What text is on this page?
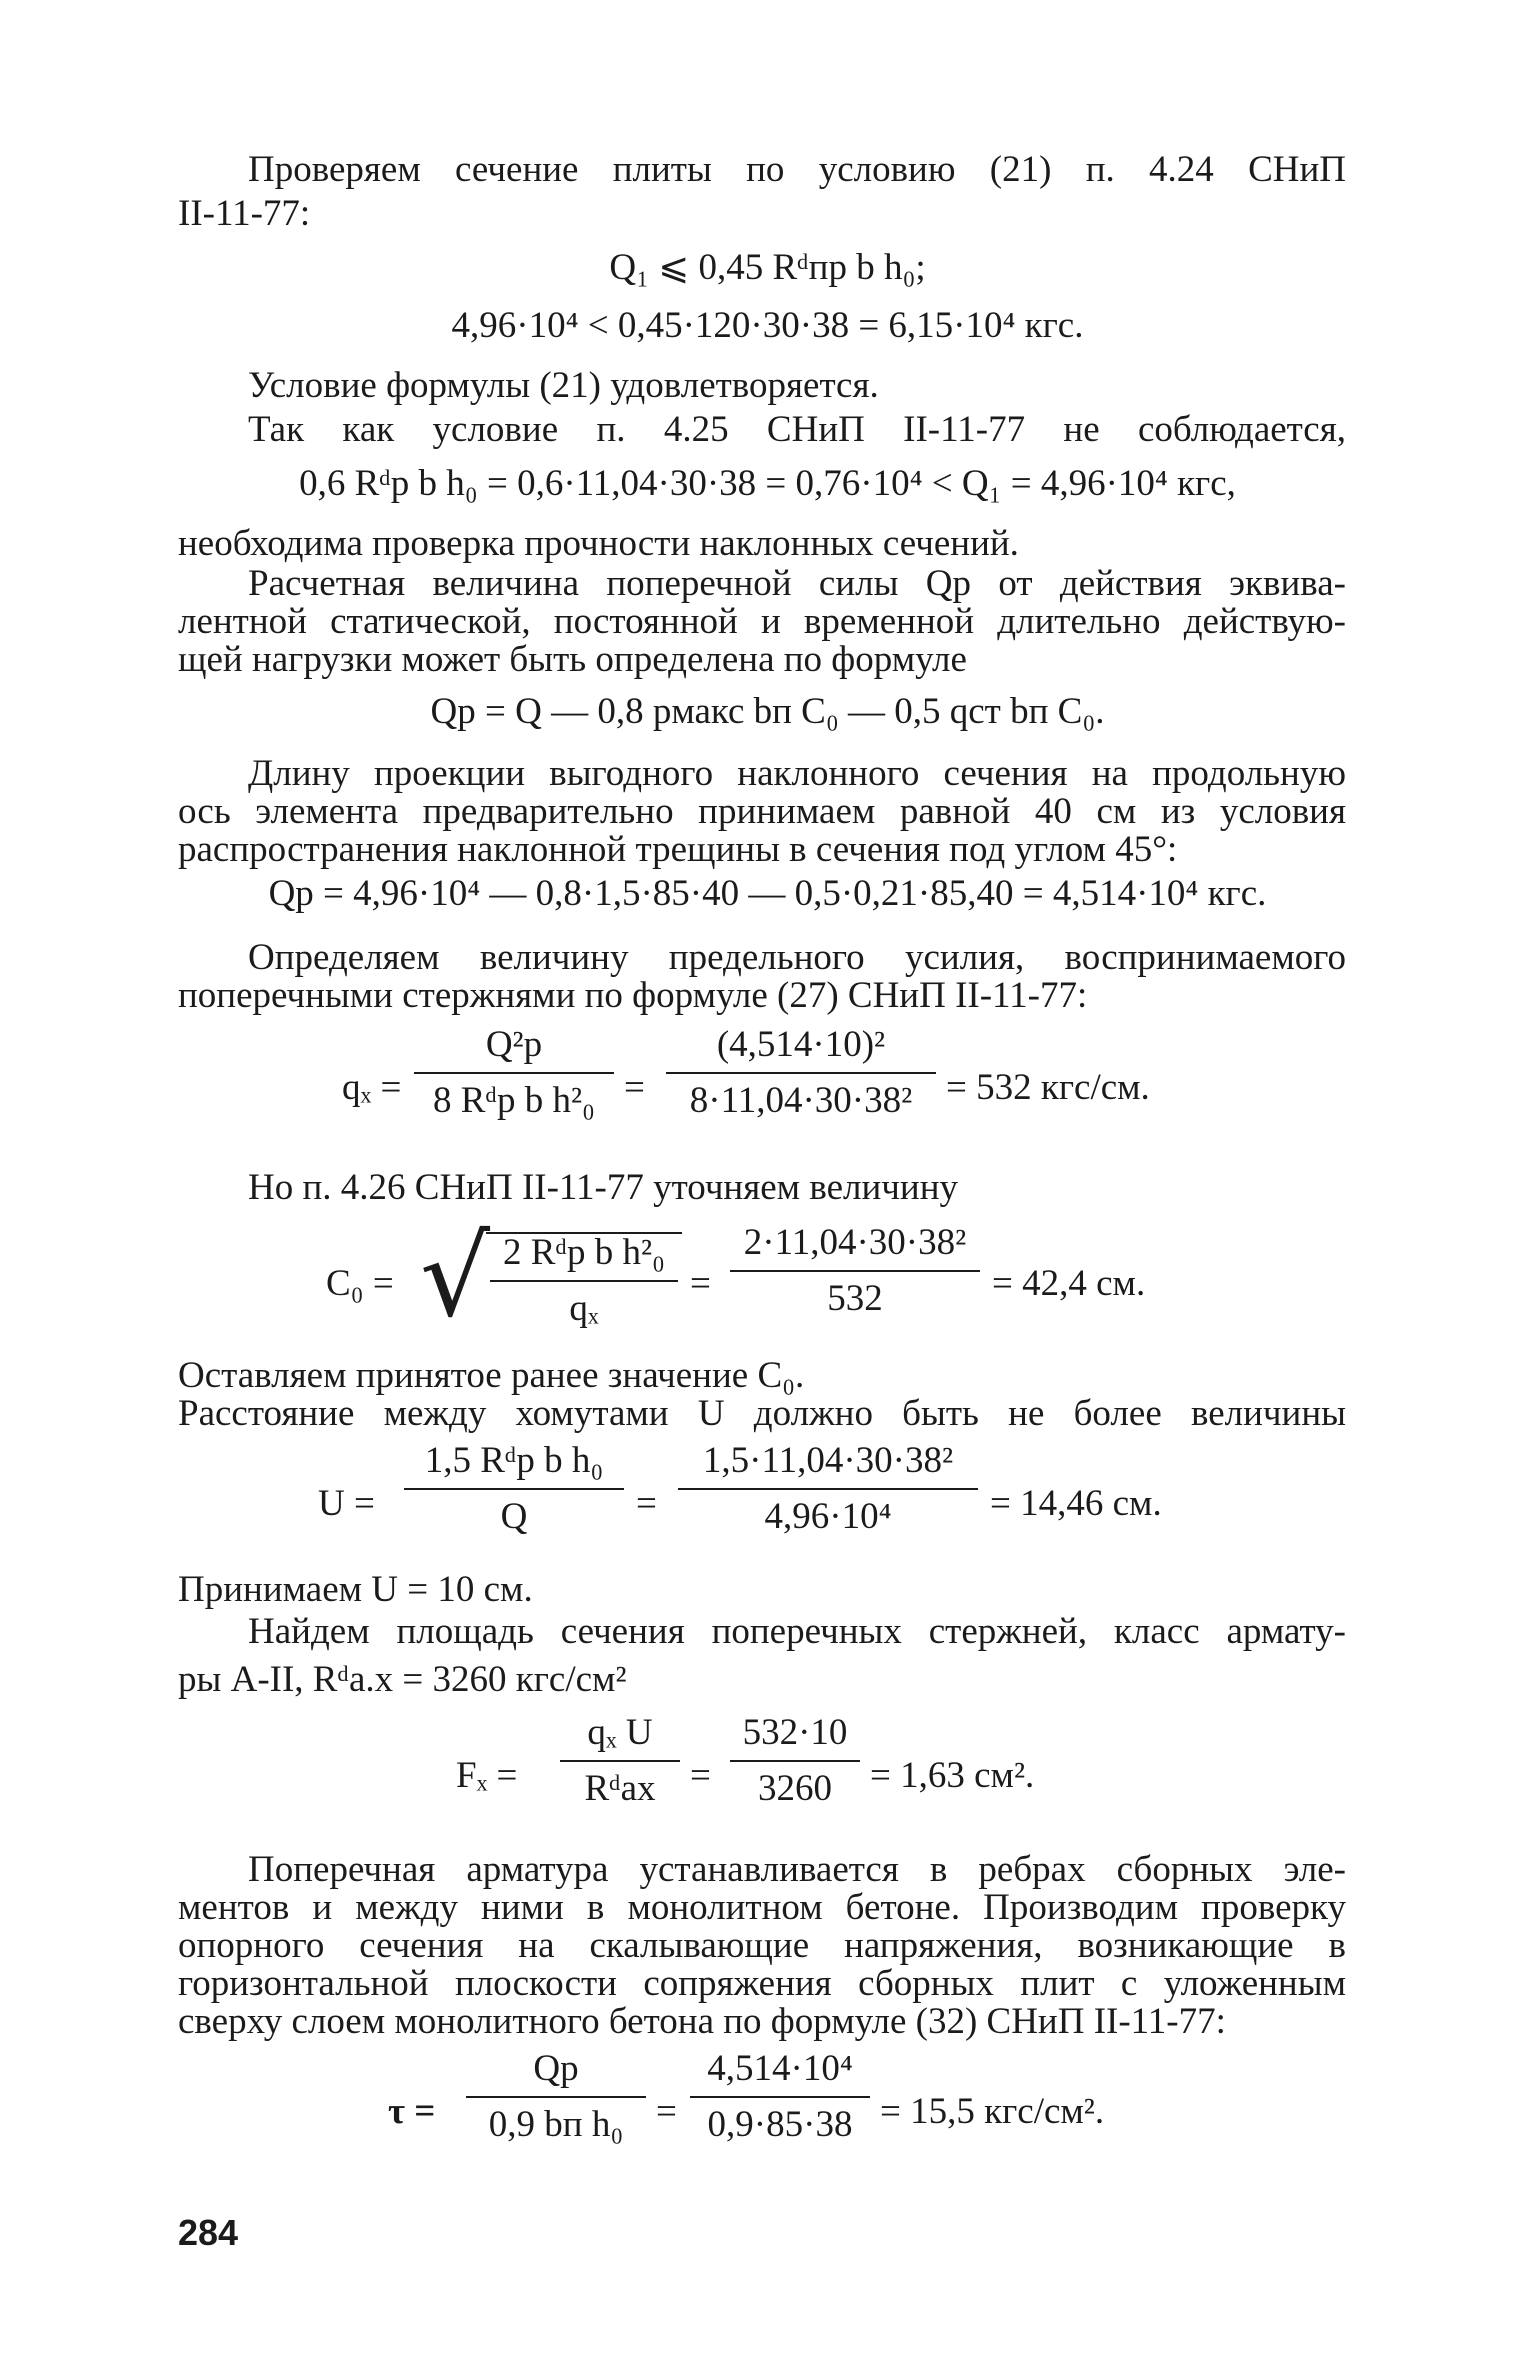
Проверяем сечение плиты по условию (21) п. 4.24 СНиП
II-11-77:
Q₁ ⩽ 0,45 Rᵈпр b h₀;
4,96·10⁴ < 0,45·120·30·38 = 6,15·10⁴ кгс.
Условие формулы (21) удовлетворяется.
Так как условие п. 4.25 СНиП II-11-77 не соблюдается,
0,6 Rᵈр b h₀ = 0,6·11,04·30·38 = 0,76·10⁴ < Q₁ = 4,96·10⁴ кгс,
необходима проверка прочности наклонных сечений.
Расчетная величина поперечной силы Qр от действия эквива-
лентной статической, постоянной и временной длительно действую-
щей нагрузки может быть определена по формуле
Qр = Q — 0,8 pмакс bп C₀ — 0,5 qст bп C₀.
Длину проекции выгодного наклонного сечения на продольную
ось элемента предварительно принимаем равной 40 см из условия
распространения наклонной трещины в сечения под углом 45°:
Qр = 4,96·10⁴ — 0,8·1,5·85·40 — 0,5·0,21·85,40 = 4,514·10⁴ кгс.
Определяем величину предельного усилия, воспринимаемого
поперечными стержнями по формуле (27) СНиП II-11-77:
qₓ =
Q²р
8 Rᵈр b $h^2_0 = \frac{\text{(4,514·10)²}}{\text{8·11,04·30·38²}} = 532$ кгс/см.
Но п. 4.26 СНиП II-11-77 уточняем величину
C₀ = √ 2 Rᵈр b h²₀
qₓ
= $\frac{\text{2·11,04·30·38²}}{532} = 42,4$ см.
Оставляем принятое ранее значение C₀.
Расстояние между хомутами U должно быть не более величины
U =
1,5 Rᵈр b h₀
Q	= $\frac{\text{1,5·11,04·30·38²}}{\text{4,96·10⁴}} = 14,46$ см.
Принимаем U = 10 см.
Найдем площадь сечения поперечных стержней, класс армату-
ры А-II, Rᵈа.х = 3260 кгс/см²
Fₓ =
qₓ U
Rᵈаx = $\frac{532\cdot 10}{3260} = 1,63$ см².
Поперечная арматура устанавливается в ребрах сборных эле-
ментов и между ними в монолитном бетоне. Производим проверку
опорного сечения на скалывающие напряжения, возникающие в
горизонтальной плоскости сопряжения сборных плит с уложенным
сверху слоем монолитного бетона по формуле (32) СНиП II-11-77:
τ =
Qр
0,9 bп $h_0 = \frac{\text{4,514·10⁴}}{0,9\cdot 85\cdot 38} = 15,5$ кгс/см².
284
